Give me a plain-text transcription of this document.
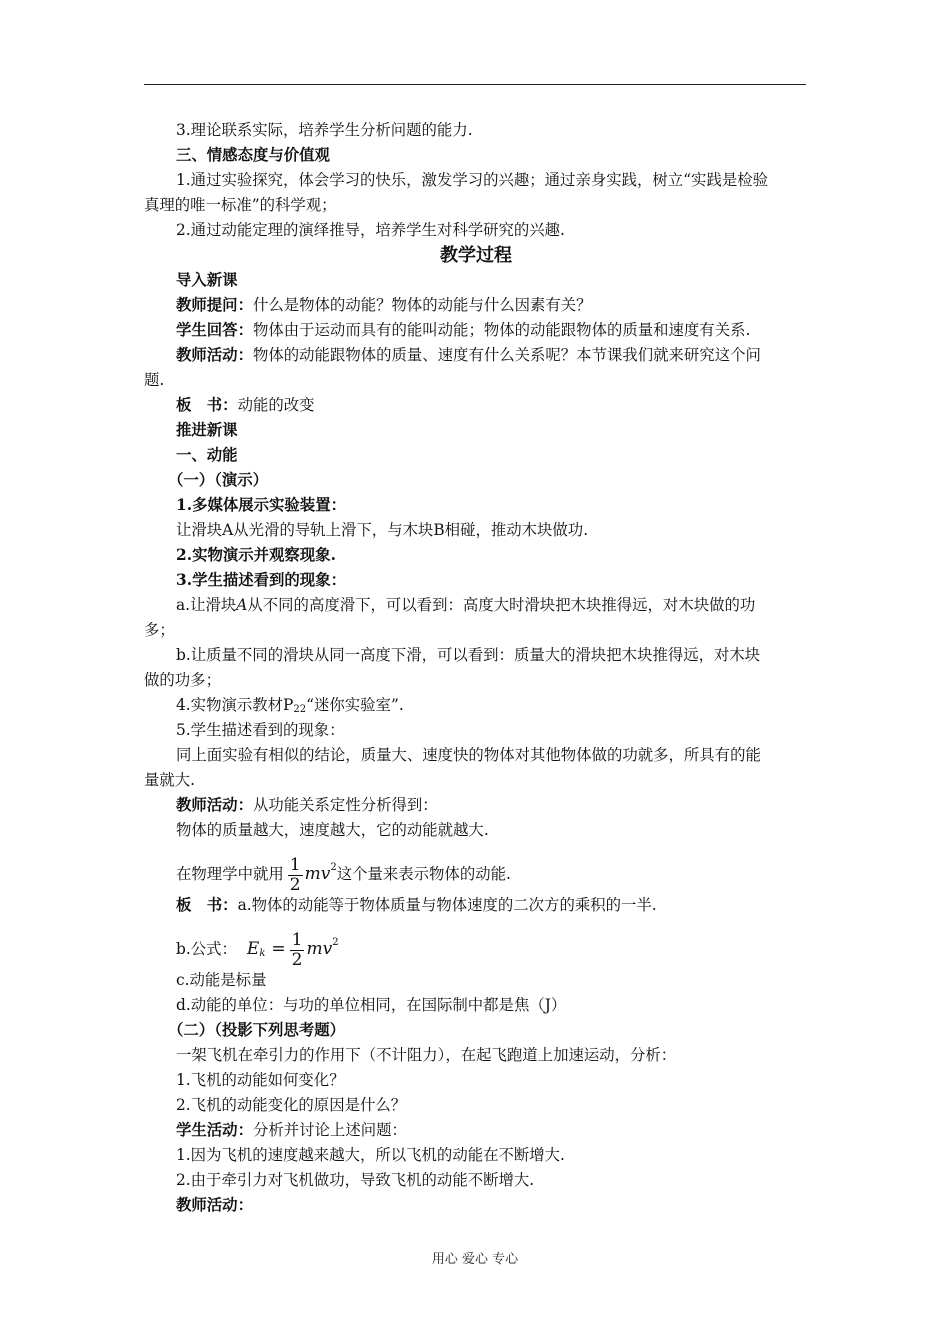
3.理论联系实际，培养学生分析问题的能力.
三、情感态度与价值观
1.通过实验探究，体会学习的快乐，激发学习的兴趣；通过亲身实践，树立“实践是检验
真理的唯一标准”的科学观；
2.通过动能定理的演绎推导，培养学生对科学研究的兴趣.
教学过程
导入新课
教师提问：什么是物体的动能？物体的动能与什么因素有关？
学生回答：物体由于运动而具有的能叫动能；物体的动能跟物体的质量和速度有关系.
教师活动：物体的动能跟物体的质量、速度有什么关系呢？本节课我们就来研究这个问
题.
板　书：动能的改变
推进新课
一、动能
（一）（演示）
1.多媒体展示实验装置：
让滑块A从光滑的导轨上滑下，与木块B相碰，推动木块做功.
2.实物演示并观察现象.
3.学生描述看到的现象：
a.让滑块A从不同的高度滑下，可以看到：高度大时滑块把木块推得远，对木块做的功
多；
b.让质量不同的滑块从同一高度下滑，可以看到：质量大的滑块把木块推得远，对木块
做的功多；
4.实物演示教材$P_{22}“$迷你实验室”.
5.学生描述看到的现象：
同上面实验有相似的结论，质量大、速度快的物体对其他物体做的功就多，所具有的能
量就大.
教师活动：从功能关系定性分析得到：
物体的质量越大，速度越大，它的动能就越大.
在物理学中就用 $\frac{1}{2} mv^2$这个量来表示物体的动能.
板　书：a.物体的动能等于物体质量与物体速度的二次方的乘积的一半.
b.公式： $E_k = \frac{1}{2} mv^2$
c.动能是标量
d.动能的单位：与功的单位相同，在国际制中都是焦（J）
（二）（投影下列思考题）
一架飞机在牵引力的作用下（不计阻力），在起飞跑道上加速运动，分析：
1.飞机的动能如何变化？
2.飞机的动能变化的原因是什么？
学生活动：分析并讨论上述问题：
1.因为飞机的速度越来越大，所以飞机的动能在不断增大.
2.由于牵引力对飞机做功，导致飞机的动能不断增大.
教师活动：
用心 爱心 专心
